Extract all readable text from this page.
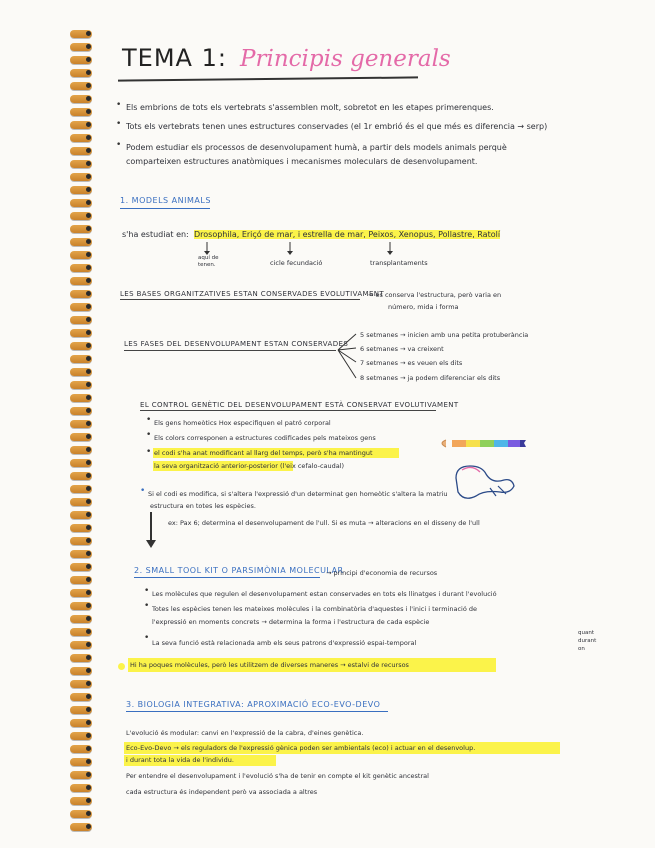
TEMA 1: Principis generals
• Els embrions de tots els vertebrats s'assemblen molt, sobretot en les etapes primerenques.
• Tots els vertebrats tenen unes estructures conservades (el 1r embrió és el que més es diferencia → serp)
• Podem estudiar els processos de desenvolupament humà, a partir dels models animals perquè
comparteixen estructures anatòmiques i mecanismes moleculars de desenvolupament.
1. MODELS ANIMALS
s'ha estudiat en: Drosophila, Eriçó de mar, i estrella de mar, Peixos, Xenopus, Pollastre, Ratolí
aquí de
tenen.	cicle fecundació	transplantaments
LES BASES ORGANITZATIVES ESTAN CONSERVADES EVOLUTIVAMENT
→ es conserva l'estructura, però varia en
número, mida i forma
LES FASES DEL DESENVOLUPAMENT ESTAN CONSERVADES
5 setmanes → inicien amb una petita protuberància
6 setmanes → va creixent
7 setmanes → es veuen els dits
8 setmanes → ja podem diferenciar els dits
EL CONTROL GENÈTIC DEL DESENVOLUPAMENT ESTÀ CONSERVAT EVOLUTIVAMENT
• Els gens homeòtics Hox especifiquen el patró corporal
• Els colors corresponen a estructures codificades pels mateixos gens
• el codi s'ha anat modificant al llarg del temps, però s'ha mantingut
la seva organització anterior-posterior (l'eix cefalo-caudal)
• Si el codi es modifica, si s'altera l'expressió d'un determinat gen homeòtic s'altera la matriu
estructura en totes les espècies.
ex: Pax 6; determina el desenvolupament de l'ull. Si es muta → alteracions en el disseny de l'ull
2. SMALL TOOL KIT O PARSIMÒNIA MOLECULAR
→ principi d'economia de recursos
• Les molècules que regulen el desenvolupament estan conservades en tots els llinatges i durant l'evolució
• Totes les espècies tenen les mateixes molècules i la combinatòria d'aquestes i l'inici i terminació de
l'expressió en moments concrets → determina la forma i l'estructura de cada espècie
• La seva funció està relacionada amb els seus patrons d'expressió espai-temporal
quant
durant
on
Hi ha poques molècules, però les utilitzem de diverses maneres → estalvi de recursos
3. BIOLOGIA INTEGRATIVA: APROXIMACIÓ ECO-EVO-DEVO
L'evolució és modular: canvi en l'expressió de la cabra, d'eines genètica.
Eco-Evo-Devo → els reguladors de l'expressió gènica poden ser ambientals (eco) i actuar en el desenvolup.
i durant tota la vida de l'individu.
Per entendre el desenvolupament i l'evolució s'ha de tenir en compte el kit genètic ancestral
cada estructura és independent però va associada a altres
